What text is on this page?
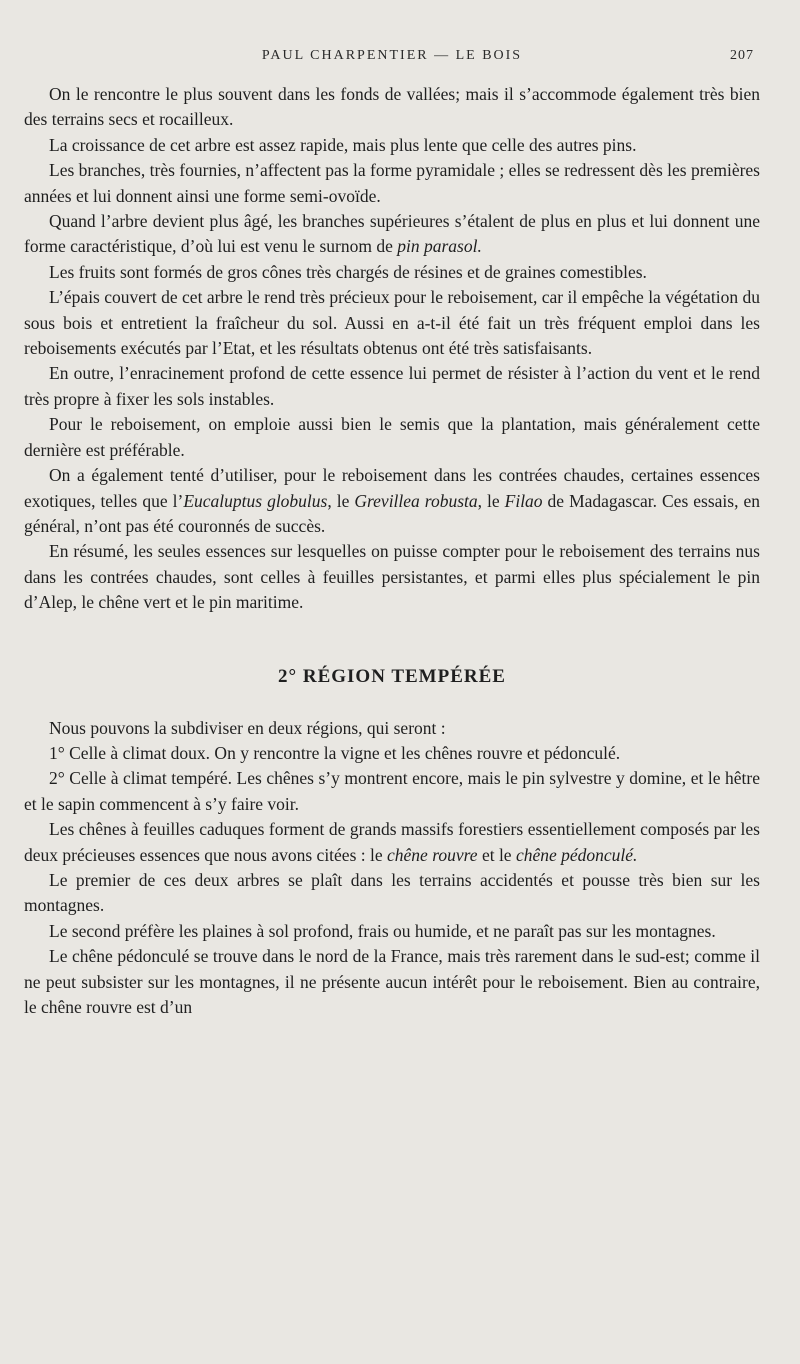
PAUL CHARPENTIER — LE BOIS	207

On le rencontre le plus souvent dans les fonds de vallées; mais il s’accommode également très bien des terrains secs et rocailleux.

La croissance de cet arbre est assez rapide, mais plus lente que celle des autres pins.

Les branches, très fournies, n’affectent pas la forme pyramidale ; elles se redressent dès les premières années et lui donnent ainsi une forme semi-ovoïde.

Quand l’arbre devient plus âgé, les branches supérieures s’étalent de plus en plus et lui donnent une forme caractéristique, d’où lui est venu le surnom de pin parasol.

Les fruits sont formés de gros cônes très chargés de résines et de graines comestibles.

L’épais couvert de cet arbre le rend très précieux pour le reboisement, car il empêche la végétation du sous bois et entretient la fraîcheur du sol. Aussi en a-t-il été fait un très fréquent emploi dans les reboisements exécutés par l’Etat, et les résultats obtenus ont été très satisfaisants.

En outre, l’enracinement profond de cette essence lui permet de résister à l’action du vent et le rend très propre à fixer les sols instables.

Pour le reboisement, on emploie aussi bien le semis que la plantation, mais généralement cette dernière est préférable.

On a également tenté d’utiliser, pour le reboisement dans les contrées chaudes, certaines essences exotiques, telles que l’Eucaluptus globulus, le Grevillea robusta, le Filao de Madagascar. Ces essais, en général, n’ont pas été couronnés de succès.

En résumé, les seules essences sur lesquelles on puisse compter pour le reboisement des terrains nus dans les contrées chaudes, sont celles à feuilles persistantes, et parmi elles plus spécialement le pin d’Alep, le chêne vert et le pin maritime.

2° RÉGION TEMPÉRÉE

Nous pouvons la subdiviser en deux régions, qui seront :

1° Celle à climat doux. On y rencontre la vigne et les chênes rouvre et pédonculé.

2° Celle à climat tempéré. Les chênes s’y montrent encore, mais le pin sylvestre y domine, et le hêtre et le sapin commencent à s’y faire voir.

Les chênes à feuilles caduques forment de grands massifs forestiers essentiellement composés par les deux précieuses essences que nous avons citées : le chêne rouvre et le chêne pédonculé.

Le premier de ces deux arbres se plaît dans les terrains accidentés et pousse très bien sur les montagnes.

Le second préfère les plaines à sol profond, frais ou humide, et ne paraît pas sur les montagnes.

Le chêne pédonculé se trouve dans le nord de la France, mais très rarement dans le sud-est; comme il ne peut subsister sur les montagnes, il ne présente aucun intérêt pour le reboisement. Bien au contraire, le chêne rouvre est d’un
